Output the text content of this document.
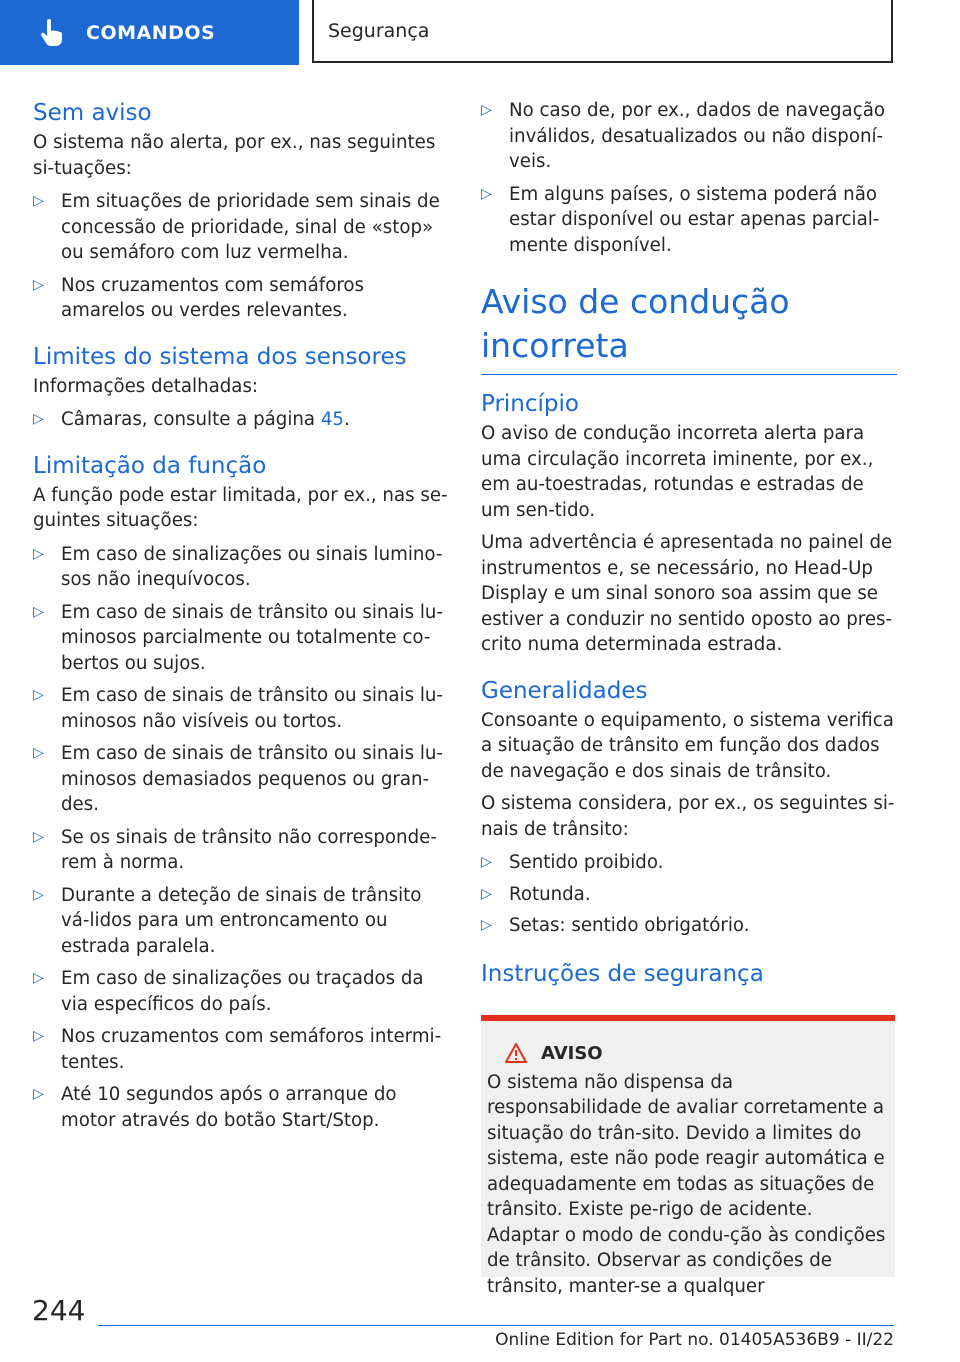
COMANDOS	Segurança
Sem aviso

O sistema não alerta, por ex., nas seguintes si-tuações:

▷ Em situações de prioridade sem sinais de concessão de prioridade, sinal de «stop» ou semáforo com luz vermelha.
▷ Nos cruzamentos com semáforos amarelos ou verdes relevantes.
Limites do sistema dos sensores

Informações detalhadas:

▷ Câmaras, consulte a página 45.
Limitação da função

A função pode estar limitada, por ex., nas se-guintes situações:

▷ Em caso de sinalizações ou sinais lumino-sos não inequívocos.
▷ Em caso de sinais de trânsito ou sinais lu-minosos parcialmente ou totalmente co-bertos ou sujos.
▷ Em caso de sinais de trânsito ou sinais lu-minosos não visíveis ou tortos.
▷ Em caso de sinais de trânsito ou sinais lu-minosos demasiados pequenos ou gran-des.
▷ Se os sinais de trânsito não corresponde-rem à norma.
▷ Durante a deteção de sinais de trânsito vá-lidos para um entroncamento ou estrada paralela.
▷ Em caso de sinalizações ou traçados da via específicos do país.
▷ Nos cruzamentos com semáforos intermi-tentes.
▷ Até 10 segundos após o arranque do motor através do botão Start/Stop.
▷ No caso de, por ex., dados de navegação inválidos, desatualizados ou não disponí-veis.
▷ Em alguns países, o sistema poderá não estar disponível ou estar apenas parcial-mente disponível.
Aviso de condução incorreta
Princípio

O aviso de condução incorreta alerta para uma circulação incorreta iminente, por ex., em au-toestradas, rotundas e estradas de um sen-tido.

Uma advertência é apresentada no painel de instrumentos e, se necessário, no Head-Up Display e um sinal sonoro soa assim que se estiver a conduzir no sentido oposto ao pres-crito numa determinada estrada.

Generalidades

Consoante o equipamento, o sistema verifica a situação de trânsito em função dos dados de navegação e dos sinais de trânsito.

O sistema considera, por ex., os seguintes si-nais de trânsito:

▷ Sentido proibido.
▷ Rotunda.
▷ Setas: sentido obrigatório.
Instruções de segurança
AVISO

O sistema não dispensa da responsabilidade de avaliar corretamente a situação do trân-sito. Devido a limites do sistema, este não pode reagir automática e adequadamente em todas as situações de trânsito. Existe pe-rigo de acidente. Adaptar o modo de condu-ção às condições de trânsito. Observar as condições de trânsito, manter-se a qualquer

244
Online Edition for Part no. 01405A536B9 - II/22
